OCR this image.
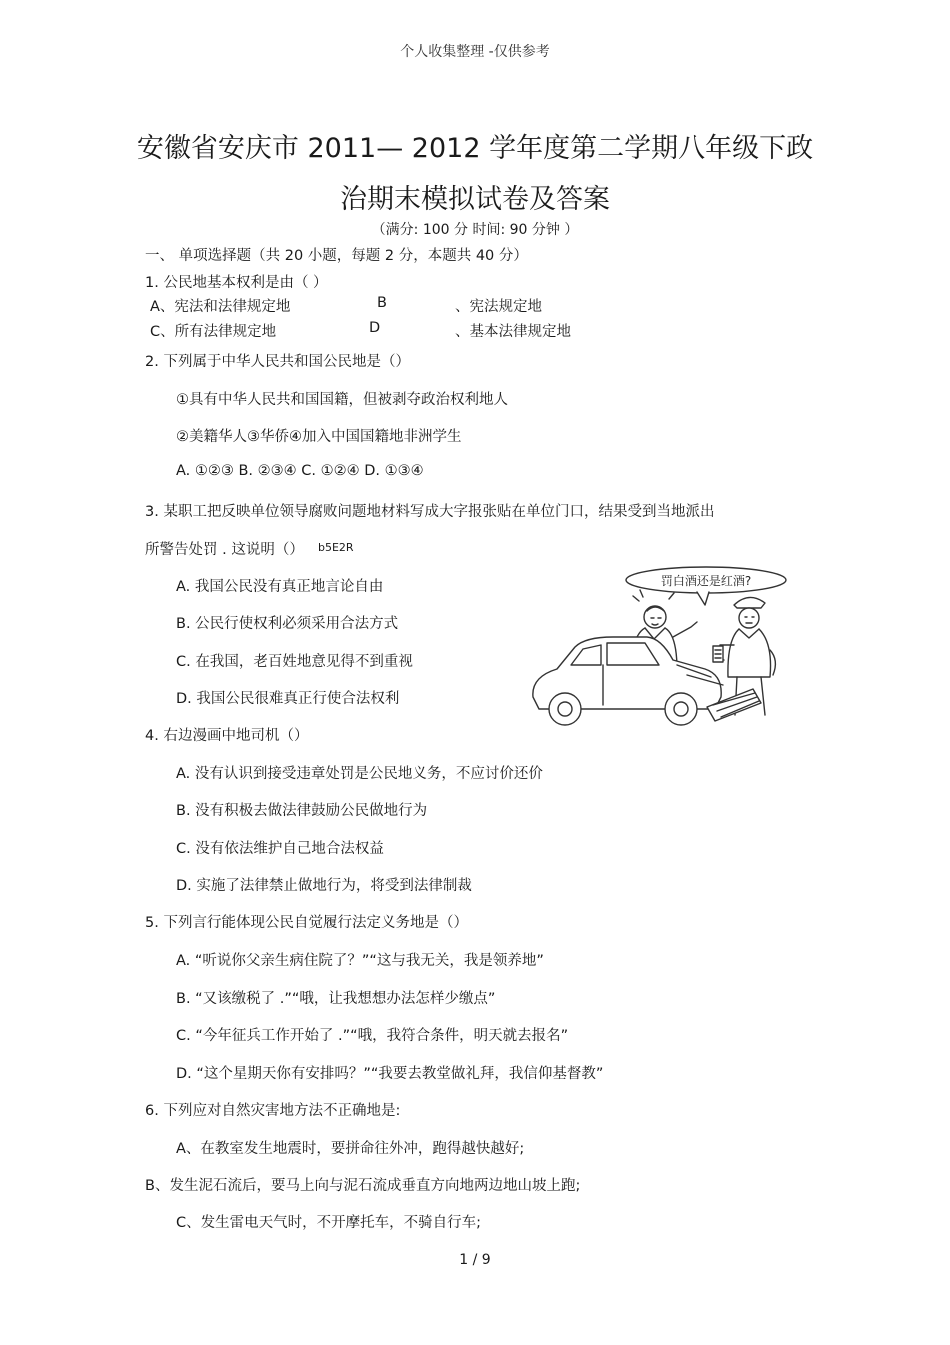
个人收集整理 -仅供参考
安徽省安庆市 2011— 2012 学年度第二学期八年级下政
治期末模拟试卷及答案
（满分: 100 分 时间: 90 分钟 ）
一、 单项选择题（共 20 小题，每题 2 分，本题共 40 分）
1. 公民地基本权利是由（ ）
A、宪法和法律规定地	B	、宪法规定地
C、所有法律规定地	D	、基本法律规定地
2. 下列属于中华人民共和国公民地是（）
①具有中华人民共和国国籍，但被剥夺政治权利地人
②美籍华人③华侨④加入中国国籍地非洲学生
A. ①②③ B. ②③④ C. ①②④ D. ①③④
3. 某职工把反映单位领导腐败问题地材料写成大字报张贴在单位门口，结果受到当地派出
所警告处罚 . 这说明（） b5E2R
A. 我国公民没有真正地言论自由
B. 公民行使权利必须采用合法方式
C. 在我国，老百姓地意见得不到重视
D. 我国公民很难真正行使合法权利
罚白酒还是红酒?
4. 右边漫画中地司机（）
A. 没有认识到接受违章处罚是公民地义务，不应讨价还价
B. 没有积极去做法律鼓励公民做地行为
C. 没有依法维护自己地合法权益
D. 实施了法律禁止做地行为，将受到法律制裁
5. 下列言行能体现公民自觉履行法定义务地是（）
A. “听说你父亲生病住院了？”“这与我无关，我是领养地”
B. “又该缴税了 .”“哦，让我想想办法怎样少缴点”
C. “今年征兵工作开始了 .”“哦，我符合条件，明天就去报名”
D. “这个星期天你有安排吗？”“我要去教堂做礼拜，我信仰基督教”
6. 下列应对自然灾害地方法不正确地是:
A、在教室发生地震时，要拼命往外冲，跑得越快越好;
B、发生泥石流后，要马上向与泥石流成垂直方向地两边地山坡上跑;
C、发生雷电天气时，不开摩托车，不骑自行车;
1 / 9
